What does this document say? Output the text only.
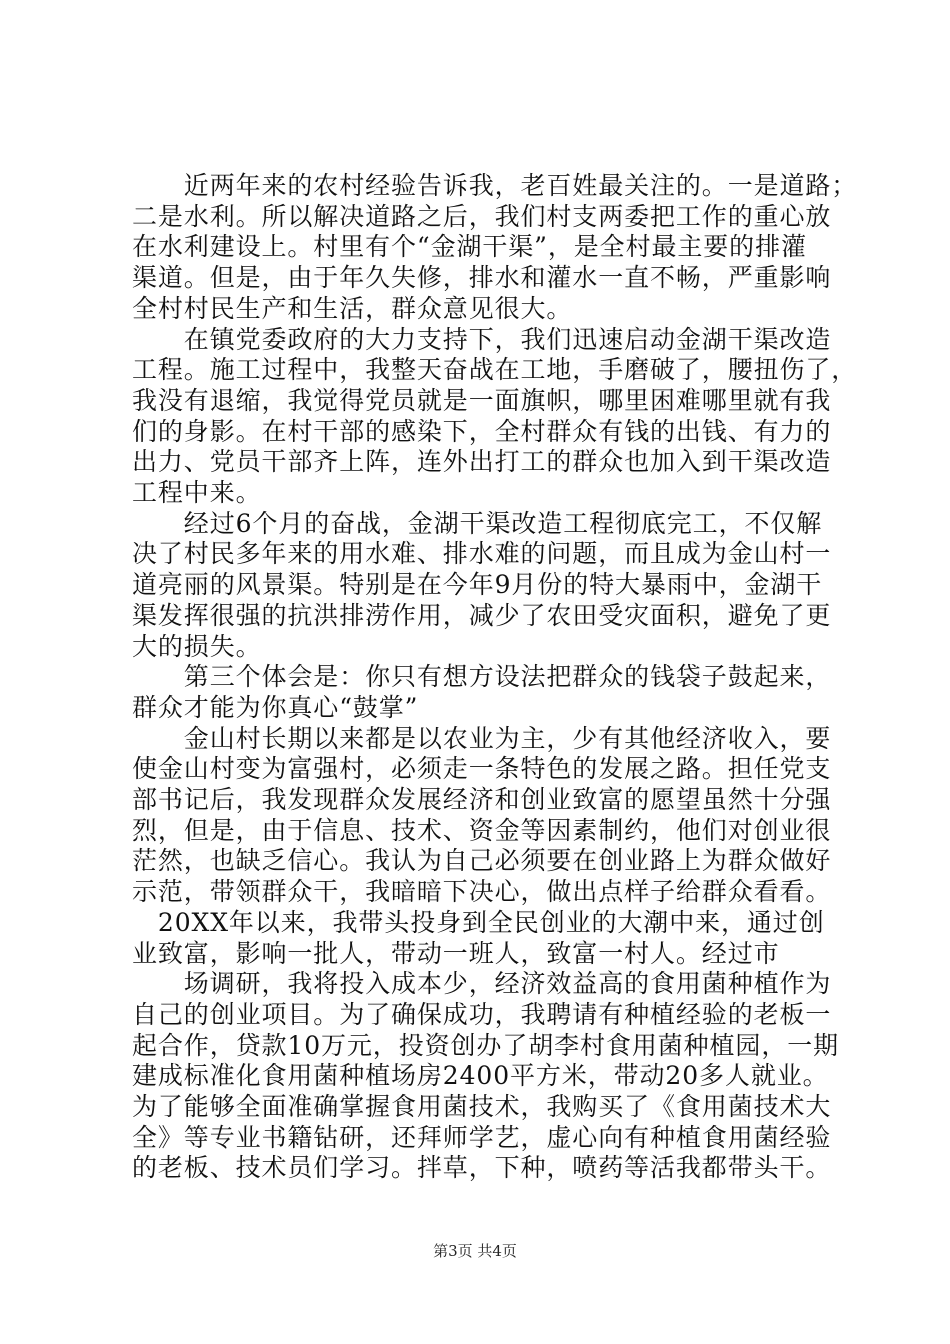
　　近两年来的农村经验告诉我，老百姓最关注的。一是道路；
二是水利。所以解决道路之后，我们村支两委把工作的重心放
在水利建设上。村里有个“金湖干渠”，是全村最主要的排灌
渠道。但是，由于年久失修，排水和灌水一直不畅，严重影响
全村村民生产和生活，群众意见很大。
　　在镇党委政府的大力支持下，我们迅速启动金湖干渠改造
工程。施工过程中，我整天奋战在工地，手磨破了，腰扭伤了，
我没有退缩，我觉得党员就是一面旗帜，哪里困难哪里就有我
们的身影。在村干部的感染下，全村群众有钱的出钱、有力的
出力、党员干部齐上阵，连外出打工的群众也加入到干渠改造
工程中来。
　　经过6个月的奋战，金湖干渠改造工程彻底完工，不仅解
决了村民多年来的用水难、排水难的问题，而且成为金山村一
道亮丽的风景渠。特别是在今年9月份的特大暴雨中，金湖干
渠发挥很强的抗洪排涝作用，减少了农田受灾面积，避免了更
大的损失。
　　第三个体会是：你只有想方设法把群众的钱袋子鼓起来，
群众才能为你真心“鼓掌”
　　金山村长期以来都是以农业为主，少有其他经济收入，要
使金山村变为富强村，必须走一条特色的发展之路。担任党支
部书记后，我发现群众发展经济和创业致富的愿望虽然十分强
烈，但是，由于信息、技术、资金等因素制约，他们对创业很
茫然，也缺乏信心。我认为自己必须要在创业路上为群众做好
示范，带领群众干，我暗暗下决心，做出点样子给群众看看。
　20XX年以来，我带头投身到全民创业的大潮中来，通过创
业致富，影响一批人，带动一班人，致富一村人。经过市
　　场调研，我将投入成本少，经济效益高的食用菌种植作为
自己的创业项目。为了确保成功，我聘请有种植经验的老板一
起合作，贷款10万元，投资创办了胡李村食用菌种植园，一期
建成标准化食用菌种植场房2400平方米，带动20多人就业。
为了能够全面准确掌握食用菌技术，我购买了《食用菌技术大
全》等专业书籍钻研，还拜师学艺，虚心向有种植食用菌经验
的老板、技术员们学习。拌草，下种，喷药等活我都带头干。
第3页 共4页
